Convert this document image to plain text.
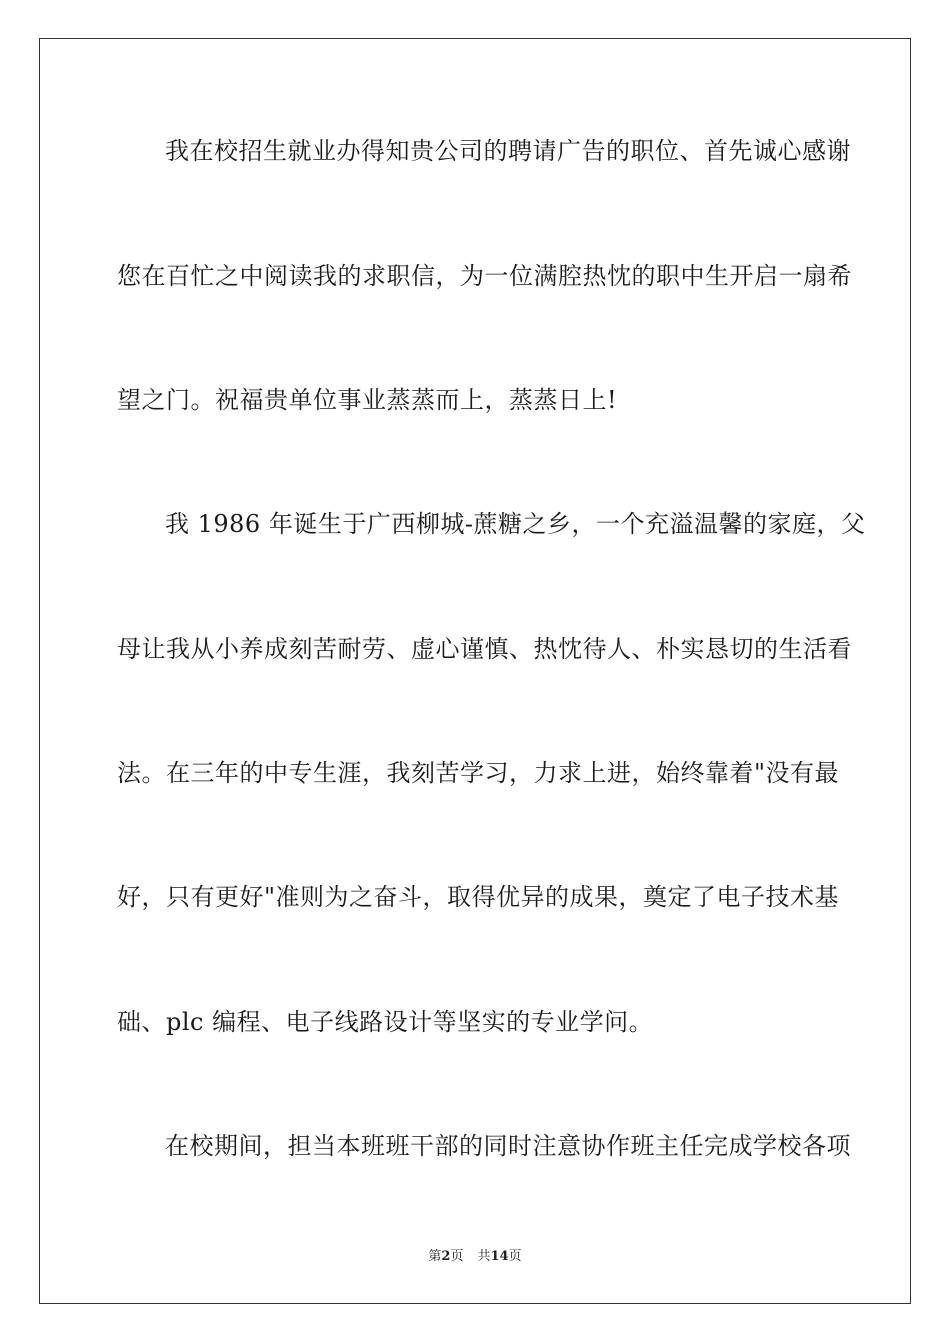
我在校招生就业办得知贵公司的聘请广告的职位、首先诚心感谢
您在百忙之中阅读我的求职信，为一位满腔热忱的职中生开启一扇希
望之门。祝福贵单位事业蒸蒸而上，蒸蒸日上!
我 1986 年诞生于广西柳城-蔗糖之乡，一个充溢温馨的家庭，父
母让我从小养成刻苦耐劳、虚心谨慎、热忱待人、朴实恳切的生活看
法。在三年的中专生涯，我刻苦学习，力求上进，始终靠着"没有最
好，只有更好"准则为之奋斗，取得优异的成果，奠定了电子技术基
础、plc 编程、电子线路设计等坚实的专业学问。
在校期间，担当本班班干部的同时注意协作班主任完成学校各项
第2页 共14页
